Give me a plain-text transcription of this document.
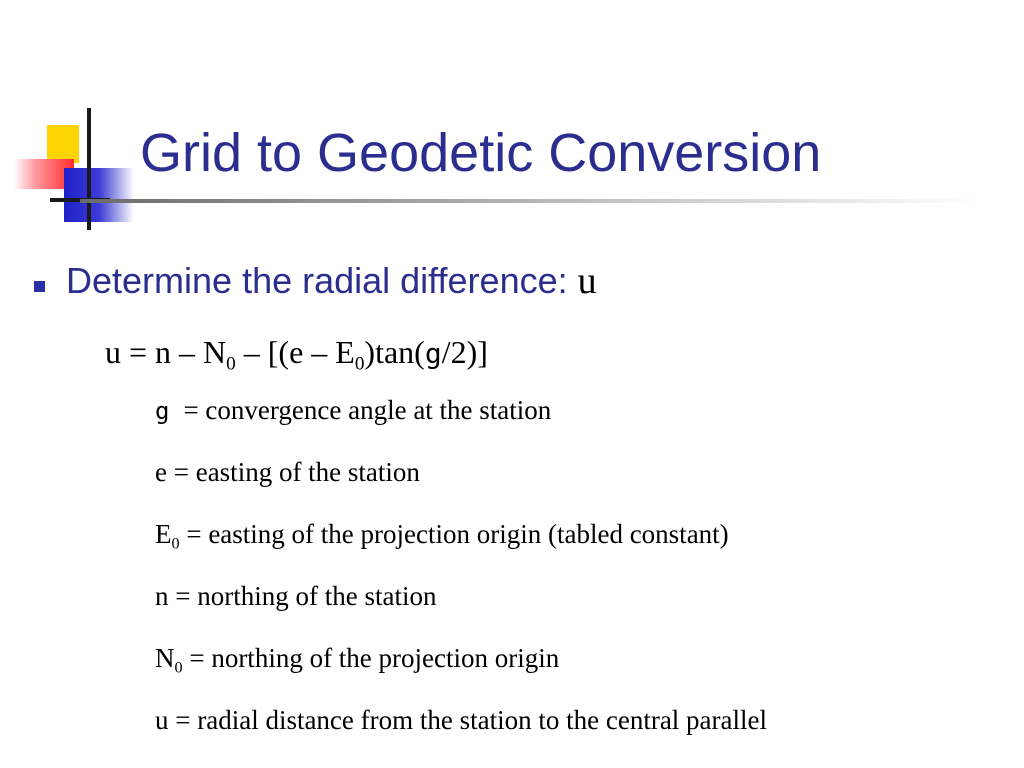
Grid to Geodetic Conversion
Determine the radial difference: u
$u = n - N_0 - [(e - E_0)\tan(g/2)]$
g = convergence angle at the station
e = easting of the station
$E_0$ = easting of the projection origin (tabled constant)
n = northing of the station
$N_0$ = northing of the projection origin
u = radial distance from the station to the central parallel
